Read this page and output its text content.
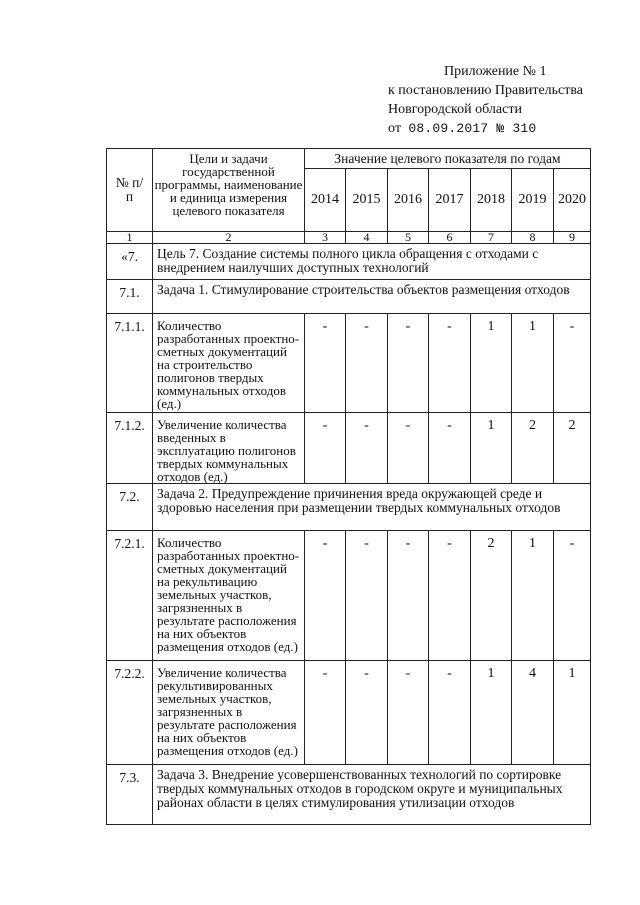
Приложение № 1
к постановлению Правительства
Новгородской области
от 08.09.2017 № 310
№ п/п	Цели и задачи государственной программы, наименование и единица измерения целевого показателя	Значение целевого показателя по годам						
		2014	2015	2016	2017	2018	2019	2020
1	2	3	4	5	6	7	8	9
«7.	Цель 7. Создание системы полного цикла обращения с отходами с внедрением наилучших доступных технологий							
7.1.	Задача 1. Стимулирование строительства объектов размещения отходов							
7.1.1.	Количество разработанных проектно-сметных документаций на строительство полигонов твердых коммунальных отходов (ед.)	-	-	-	-	1	1	-
7.1.2.	Увеличение количества введенных в эксплуатацию полигонов твердых коммунальных отходов (ед.)	-	-	-	-	1	2	2
7.2.	Задача 2. Предупреждение причинения вреда окружающей среде и здоровью населения при размещении твердых коммунальных отходов							
7.2.1.	Количество разработанных проектно-сметных документаций на рекультивацию земельных участков, загрязненных в результате расположения на них объектов размещения отходов (ед.)	-	-	-	-	2	1	-
7.2.2.	Увеличение количества рекультивированных земельных участков, загрязненных в результате расположения на них объектов размещения отходов (ед.)	-	-	-	-	1	4	1
7.3.	Задача 3. Внедрение усовершенствованных технологий по сортировке твердых коммунальных отходов в городском округе и муниципальных районах области в целях стимулирования утилизации отходов							
